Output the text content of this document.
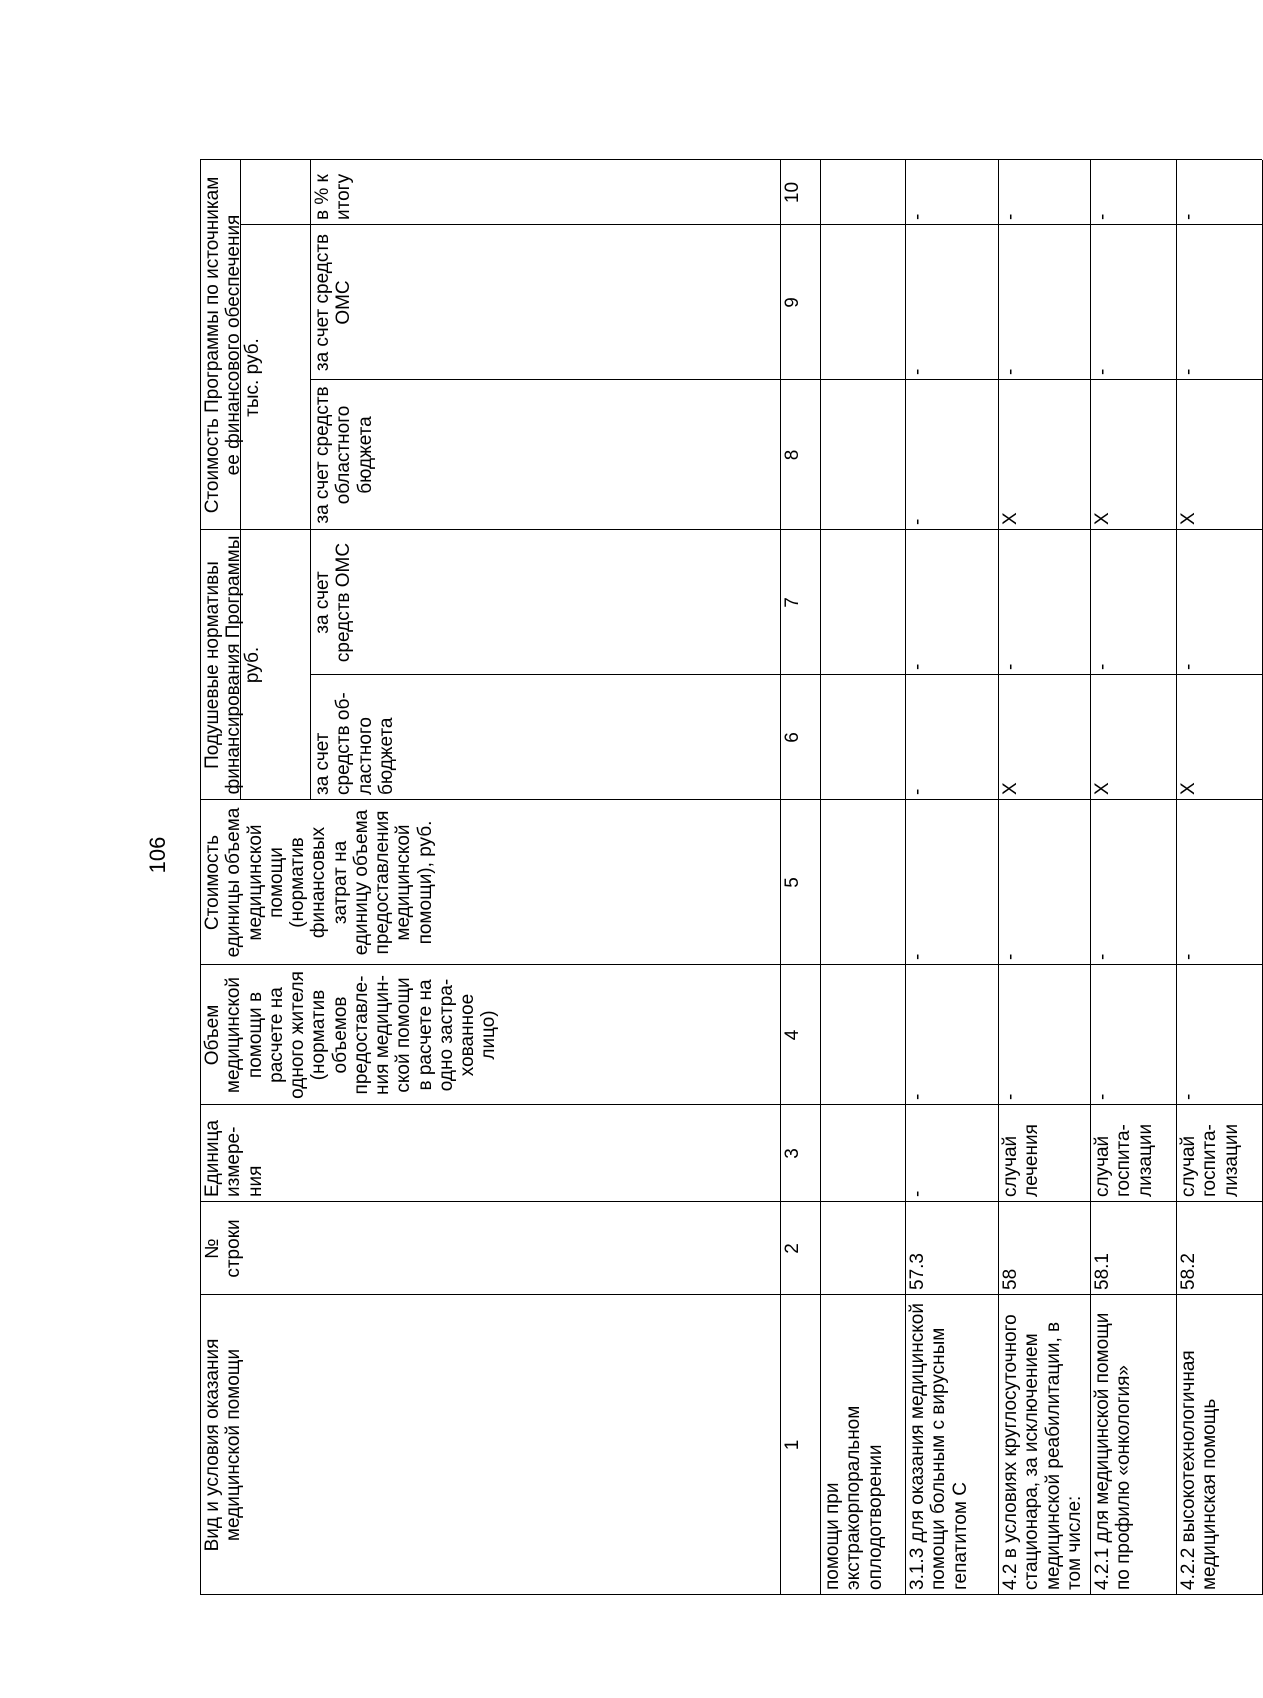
106
Вид и условия оказания медицинской помощи
№ строки
Единица измере-ния
Объем медицинской помощи в расчете на одного жителя (норматив объемов предоставле-ния медицин-ской помощи в расчете на одно застра-хованное лицо)
Стоимость единицы объема медицинской помощи (норматив финансовых затрат на единицу объема предоставления медицинской помощи), руб.
Подушевые нормативы финансирования Программы
руб.
за счет средств об-ластного бюджета
за счет средств ОМС
Стоимость Программы по источникам ее финансового обеспечения
тыс. руб.
за счет средств областного бюджета
за счет средств ОМС
в % к итогу
1
2
3
4
5
6
7
8
9
10
помощи при экстракорпоральном оплодотворении	3.1.3 для оказания медицинской помощи больным с вирусным гепатитом С
57.3
-
-
-
-
-
-
-
-
4.2 в условиях круглосуточного стационара, за исключением медицинской реабилитации, в том числе:
58
случай лечения
-
-
X
-
X
-
-
4.2.1 для медицинской помощи по профилю «онкология»
58.1
случай госпита-лизации
-
-
X
-
X
-
-
4.2.2 высокотехнологичная медицинская помощь
58.2
случай госпита-лизации
-
-
X
-
X
-
-
